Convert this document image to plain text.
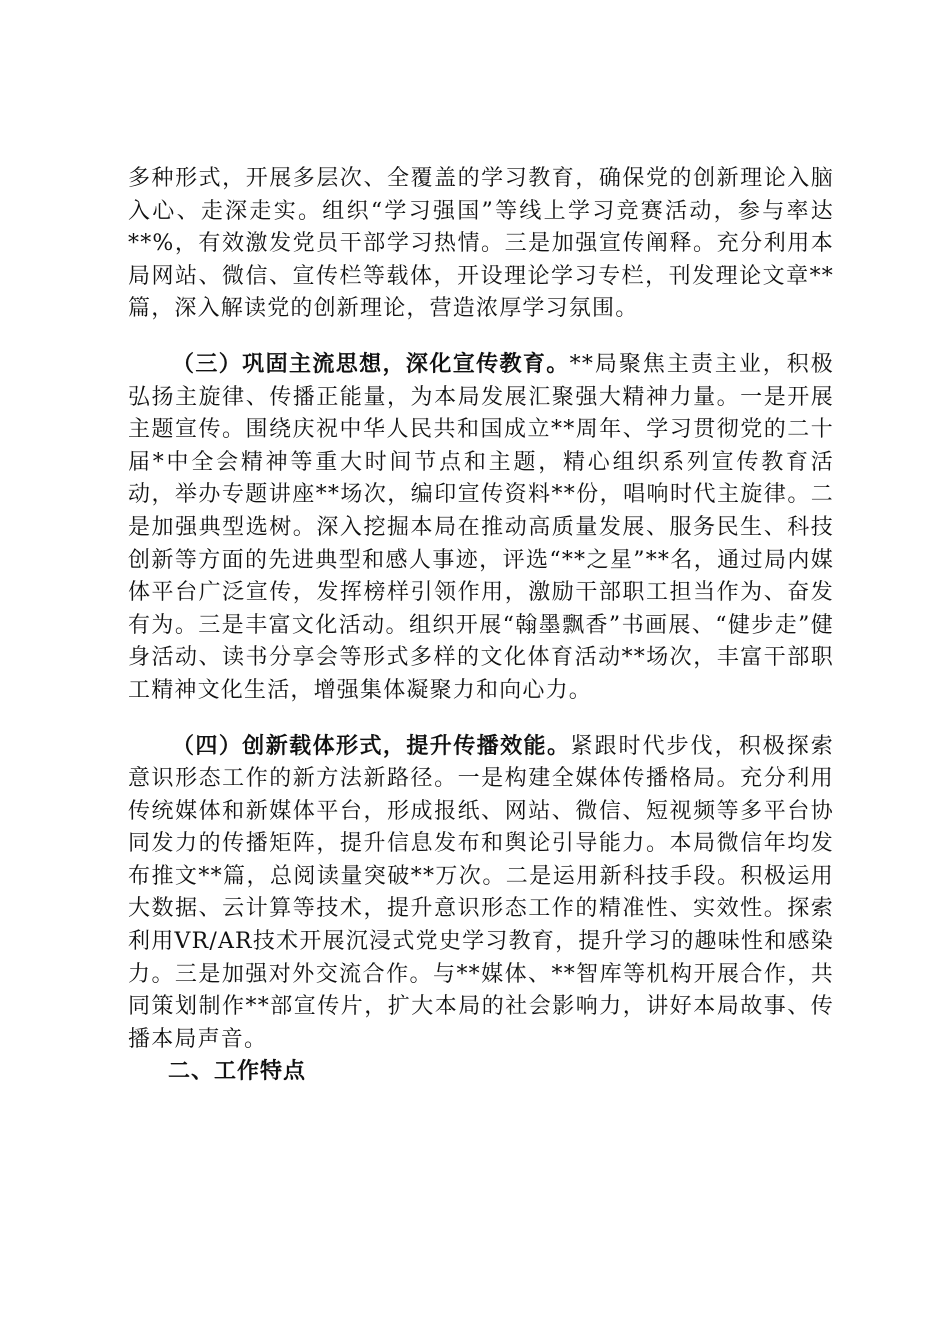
多种形式，开展多层次、全覆盖的学习教育，确保党的创新理论入脑入心、走深走实。组织“学习强国”等线上学习竞赛活动，参与率达**%，有效激发党员干部学习热情。三是加强宣传阐释。充分利用本局网站、微信、宣传栏等载体，开设理论学习专栏，刊发理论文章**篇，深入解读党的创新理论，营造浓厚学习氛围。

（三）巩固主流思想，深化宣传教育。**局聚焦主责主业，积极弘扬主旋律、传播正能量，为本局发展汇聚强大精神力量。一是开展主题宣传。围绕庆祝中华人民共和国成立**周年、学习贯彻党的二十届*中全会精神等重大时间节点和主题，精心组织系列宣传教育活动，举办专题讲座**场次，编印宣传资料**份，唱响时代主旋律。二是加强典型选树。深入挖掘本局在推动高质量发展、服务民生、科技创新等方面的先进典型和感人事迹，评选“**之星”**名，通过局内媒体平台广泛宣传，发挥榜样引领作用，激励干部职工担当作为、奋发有为。三是丰富文化活动。组织开展“翰墨飘香”书画展、“健步走”健身活动、读书分享会等形式多样的文化体育活动**场次，丰富干部职工精神文化生活，增强集体凝聚力和向心力。

（四）创新载体形式，提升传播效能。紧跟时代步伐，积极探索意识形态工作的新方法新路径。一是构建全媒体传播格局。充分利用传统媒体和新媒体平台，形成报纸、网站、微信、短视频等多平台协同发力的传播矩阵，提升信息发布和舆论引导能力。本局微信年均发布推文**篇，总阅读量突破**万次。二是运用新科技手段。积极运用大数据、云计算等技术，提升意识形态工作的精准性、实效性。探索利用VR/AR技术开展沉浸式党史学习教育，提升学习的趣味性和感染力。三是加强对外交流合作。与**媒体、**智库等机构开展合作，共同策划制作**部宣传片，扩大本局的社会影响力，讲好本局故事、传播本局声音。

二、工作特点
